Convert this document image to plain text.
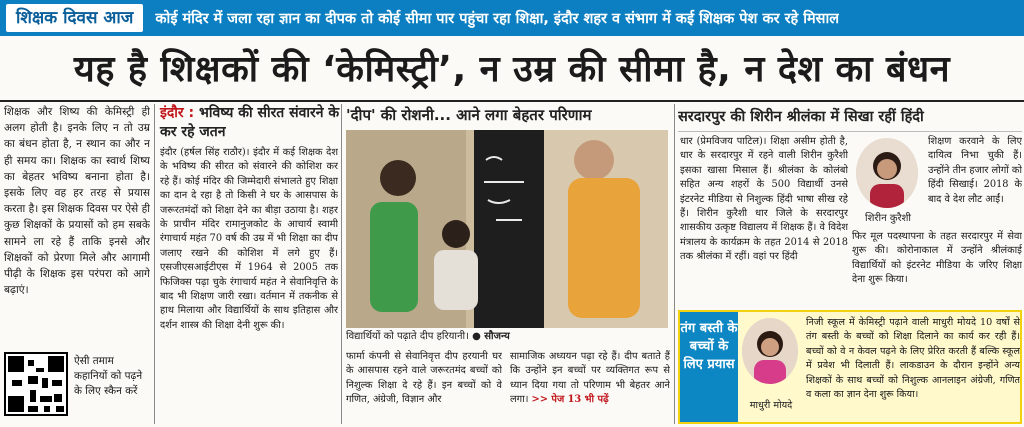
शिक्षक दिवस आज	कोई मंदिर में जला रहा ज्ञान का दीपक तो कोई सीमा पार पहुंचा रहा शिक्षा, इंदौर शहर व संभाग में कई शिक्षक पेश कर रहे मिसाल
यह है शिक्षकों की ‘केमिस्ट्री’, न उम्र की सीमा है, न देश का बंधन

शिक्षक और शिष्य की केमिस्ट्री ही अलग होती है। इनके लिए न तो उम्र का बंधन होता है, न स्थान का और न ही समय का। शिक्षक का स्वार्थ शिष्य का बेहतर भविष्य बनाना होता है। इसके लिए वह हर तरह से प्रयास करता है। इस शिक्षक दिवस पर ऐसे ही कुछ शिक्षकों के प्रयासों को हम सबके सामने ला रहे हैं ताकि इनसे और शिक्षकों को प्रेरणा मिले और आगामी पीढ़ी के शिक्षक इस परंपरा को आगे बढ़ाएं।

ऐसी तमाम कहानियों को पढ़ने के लिए स्कैन करें
इंदौर : भविष्य की सीरत संवारने के कर रहे जतन

इंदौर (हर्षल सिंह राठौर)। इंदौर में कई शिक्षक देश के भविष्य की सीरत को संवारने की कोशिश कर रहे हैं। कोई मंदिर की जिम्मेदारी संभालते हुए शिक्षा का दान दे रहा है तो किसी ने घर के आसपास के जरूरतमंदों को शिक्षा देने का बीड़ा उठाया है। शहर के प्राचीन मंदिर रामानुजकोट के आचार्य स्वामी रंगाचार्य महंत 70 वर्ष की उम्र में भी शिक्षा का दीप जलाए रखने की कोशिश में लगे हुए हैं। एसजीएसआईटीएस में 1964 से 2005 तक फिजिक्स पढ़ा चुके रंगाचार्य महंत ने सेवानिवृत्ति के बाद भी शिक्षण जारी रखा। वर्तमान में तकनीक से हाथ मिलाया और विद्यार्थियों के साथ इतिहास और दर्शन शास्त्र की शिक्षा देनी शुरू की।

'दीप' की रोशनी... आने लगा बेहतर परिणाम
विद्यार्थियों को पढ़ाते दीप हरियानी। ● सौजन्य

फार्मा कंपनी से सेवानिवृत्त दीप हरयानी घर के आसपास रहने वाले जरूरतमंद बच्चों को निशुल्क शिक्षा दे रहे हैं। इन बच्चों को वे गणित, अंग्रेजी, विज्ञान और

सामाजिक अध्ययन पढ़ा रहे हैं। दीप बताते हैं कि उन्होंने इन बच्चों पर व्यक्तिगत रूप से ध्यान दिया गया तो परिणाम भी बेहतर आने लगा। >> पेज 13 भी पढ़ें
सरदारपुर की शिरीन श्रीलंका में सिखा रहीं हिंदी

धार (प्रेमविजय पाटिल)। शिक्षा असीम होती है, धार के सरदारपुर में रहने वाली शिरीन कुरैशी इसका खासा मिसाल हैं। श्रीलंका के कोलंबो सहित अन्य शहरों के 500 विद्यार्थी उनसे इंटरनेट मीडिया से निशुल्क हिंदी भाषा सीख रहे हैं। शिरीन कुरैशी धार जिले के सरदारपुर शासकीय उत्कृष्ट विद्यालय में शिक्षक हैं। वे विदेश मंत्रालय के कार्यक्रम के तहत 2014 से 2018 तक श्रीलंका में रहीं। वहां पर हिंदी

शिरीन कुरैशी

शिक्षण करवाने के लिए दायित्व निभा चुकी हैं। उन्होंने तीन हजार लोगों को हिंदी सिखाई। 2018 के बाद वे देश लौट आईं।

फिर मूल पदस्थापना के तहत सरदारपुर में सेवा शुरू की। कोरोनाकाल में उन्होंने श्रीलंकाई विद्यार्थियों को इंटरनेट मीडिया के जरिए शिक्षा देना शुरू किया।

तंग बस्ती के बच्चों के लिए प्रयास
माधुरी मोयदे

निजी स्कूल में केमिस्ट्री पढ़ाने वाली माधुरी मोयदे 10 वर्षों से तंग बस्ती के बच्चों को शिक्षा दिलाने का कार्य कर रही हैं। बच्चों को वे न केवल पढ़ने के लिए प्रेरित करती हैं बल्कि स्कूल में प्रवेश भी दिलाती हैं। लाकडाउन के दौरान इन्होंने अन्य शिक्षकों के साथ बच्चों को निशुल्क आनलाइन अंग्रेजी, गणित व कला का ज्ञान देना शुरू किया।
